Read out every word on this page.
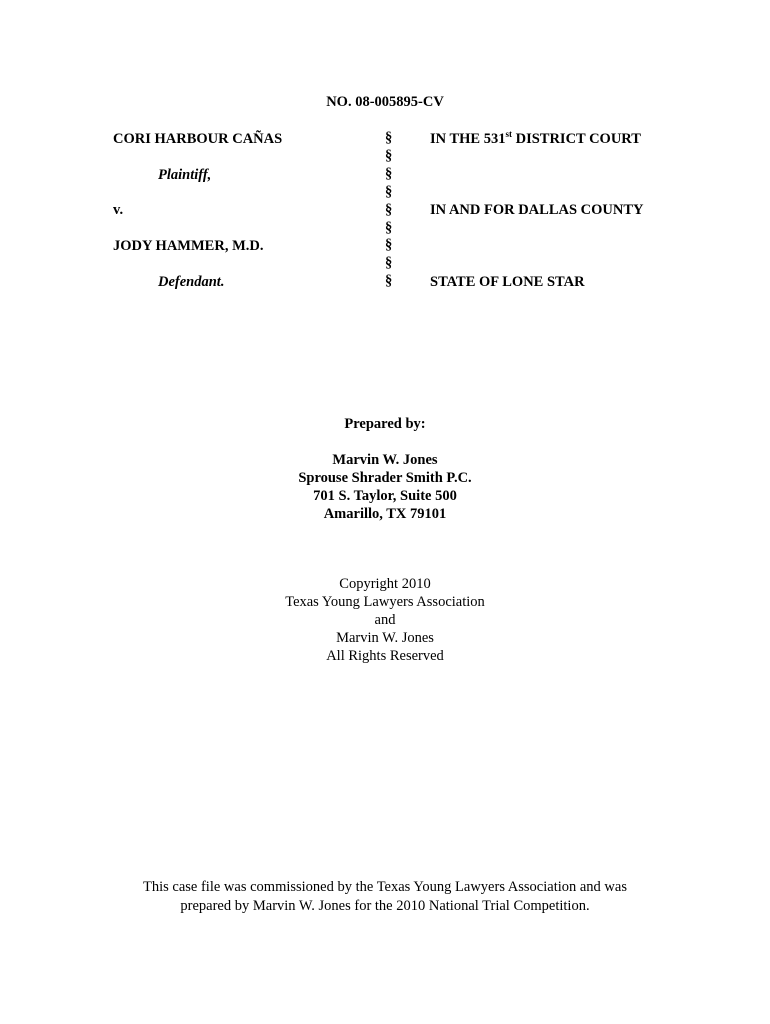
NO. 08-005895-CV
CORI HARBOUR CAÑAS
Plaintiff,
v.
JODY HAMMER, M.D.
Defendant.
§
§
§
§
§
§
§
§
§
IN THE 531st DISTRICT COURT
IN AND FOR DALLAS COUNTY
STATE OF LONE STAR
Prepared by:
Marvin W. Jones
Sprouse Shrader Smith P.C.
701 S. Taylor, Suite 500
Amarillo, TX 79101
Copyright 2010
Texas Young Lawyers Association
and
Marvin W. Jones
All Rights Reserved
This case file was commissioned by the Texas Young Lawyers Association and was
prepared by Marvin W. Jones for the 2010 National Trial Competition.
